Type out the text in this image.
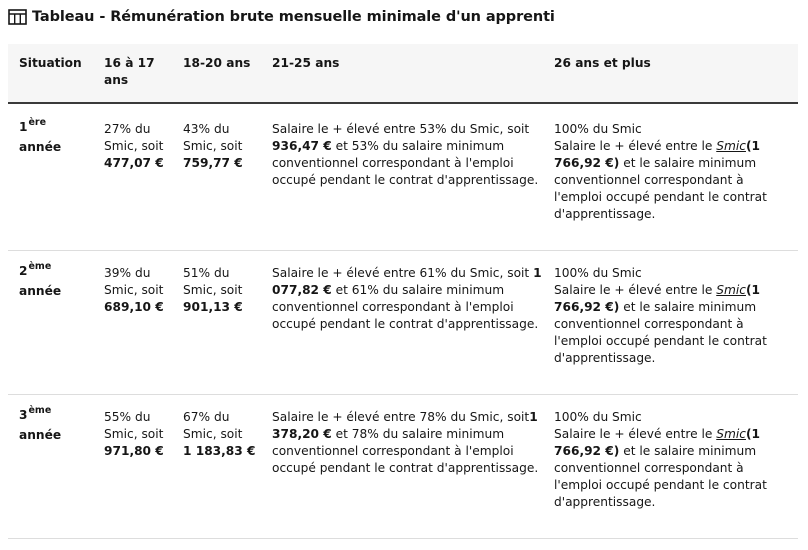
Tableau - Rémunération brute mensuelle minimale d'un apprenti
Situation 16 à 17 ans
18-20 ans	21-25 ans	26 ans et plus
1ère
année
27% du Smic, soit
477,07 €
43% du Smic, soit
759,77 €
Salaire le + élevé entre 53% du Smic, soit 936,47 € et 53% du salaire minimum conventionnel correspondant à l'emploi occupé pendant le contrat d'apprentissage.
100% du Smic
Salaire le + élevé entre le Smic(1 766,92 €) et le salaire minimum conventionnel correspondant à l'emploi occupé pendant le contrat d'apprentissage.
2ème
année
39% du Smic, soit
689,10 €
51% du Smic, soit
901,13 €
Salaire le + élevé entre 61% du Smic, soit 1 077,82 € et 61% du salaire minimum conventionnel correspondant à l'emploi occupé pendant le contrat d'apprentissage.
100% du Smic
Salaire le + élevé entre le Smic(1 766,92 €) et le salaire minimum conventionnel correspondant à l'emploi occupé pendant le contrat d'apprentissage.
3ème
année
55% du Smic, soit
971,80 €
67% du Smic, soit
1 183,83 €
Salaire le + élevé entre 78% du Smic, soit1 378,20 € et 78% du salaire minimum conventionnel correspondant à l'emploi occupé pendant le contrat d'apprentissage.
100% du Smic
Salaire le + élevé entre le Smic(1 766,92 €) et le salaire minimum conventionnel correspondant à l'emploi occupé pendant le contrat d'apprentissage.
